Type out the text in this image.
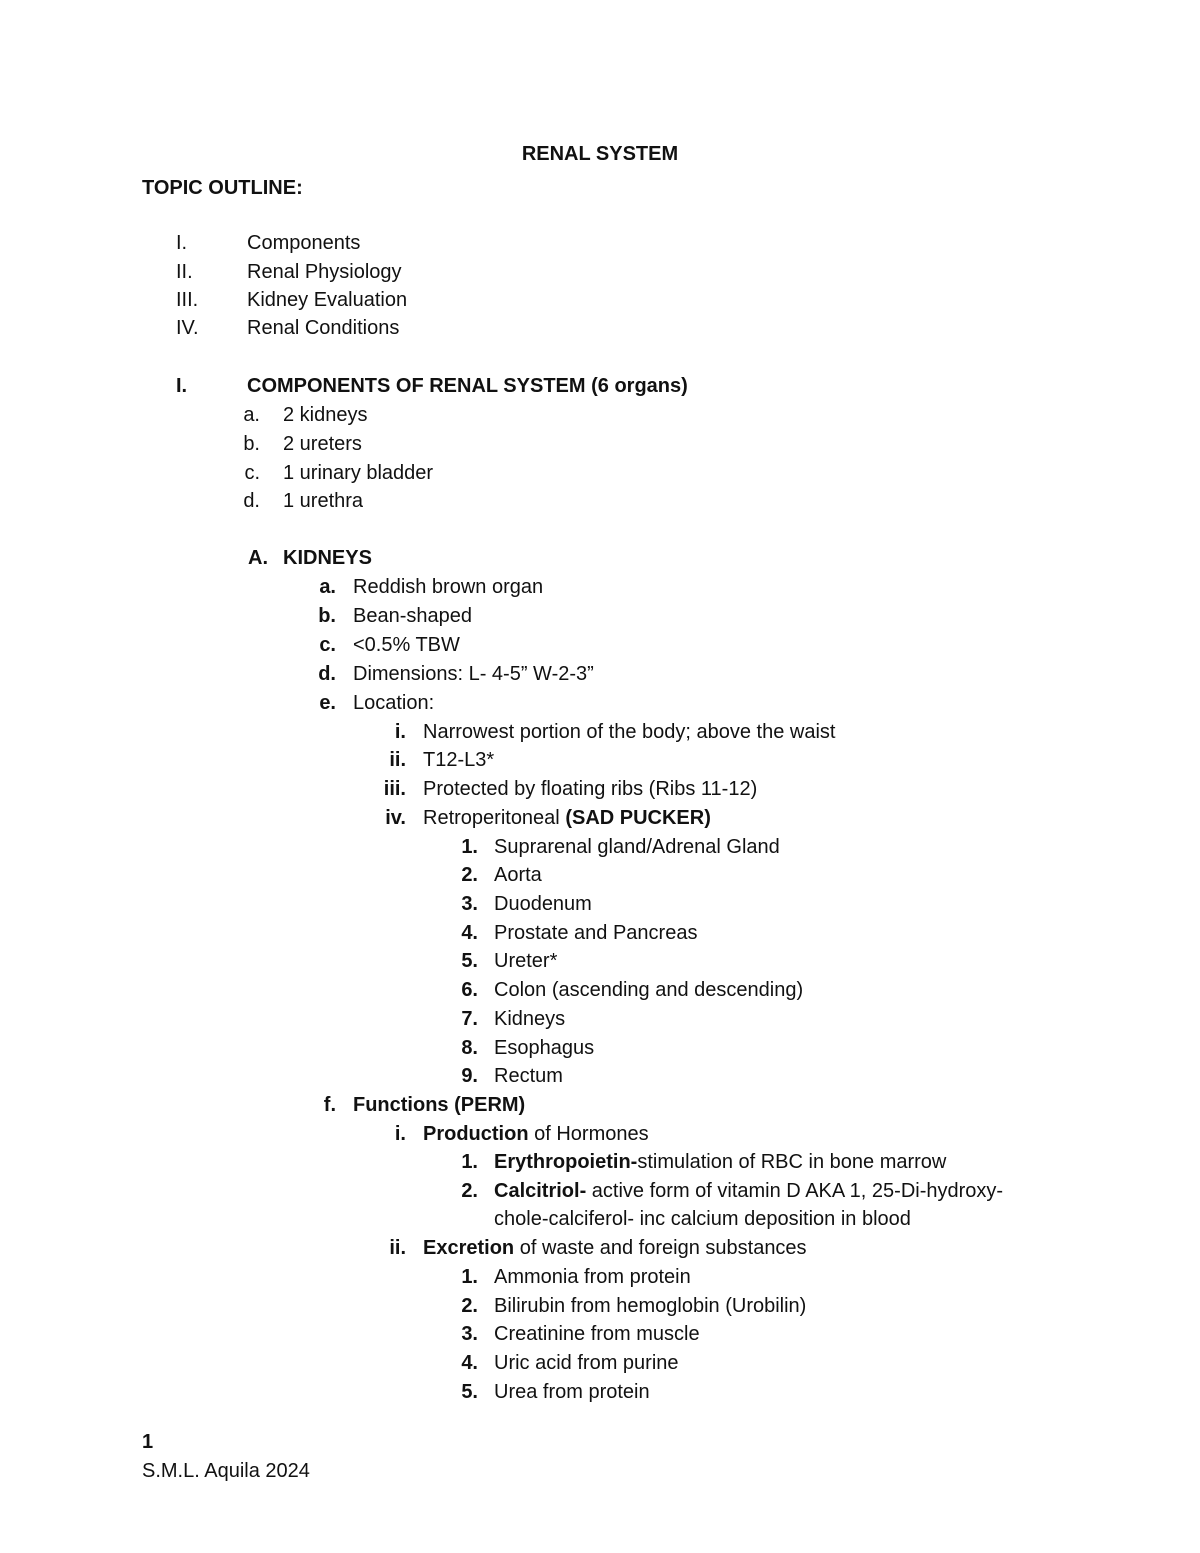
RENAL SYSTEM
TOPIC OUTLINE:
I.	Components
II.	Renal Physiology
III. Kidney Evaluation
IV. Renal Conditions
I.	COMPONENTS OF RENAL SYSTEM (6 organs)
a. 2 kidneys
b. 2 ureters
c. 1 urinary bladder
d. 1 urethra
A. KIDNEYS
a. Reddish brown organ
b. Bean-shaped
c. <0.5% TBW
d. Dimensions: L- 4-5” W-2-3”
e. Location:
i. Narrowest portion of the body; above the waist
ii. T12-L3*
iii. Protected by floating ribs (Ribs 11-12)
iv. Retroperitoneal (SAD PUCKER)
1. Suprarenal gland/Adrenal Gland
2. Aorta
3. Duodenum
4. Prostate and Pancreas
5. Ureter*
6. Colon (ascending and descending)
7. Kidneys
8. Esophagus
9. Rectum
f. Functions (PERM)
i. Production of Hormones
1. Erythropoietin-stimulation of RBC in bone marrow
2. Calcitriol- active form of vitamin D AKA 1, 25-Di-hydroxy-
chole-calciferol- inc calcium deposition in blood
ii. Excretion of waste and foreign substances
1. Ammonia from protein
2. Bilirubin from hemoglobin (Urobilin)
3. Creatinine from muscle
4. Uric acid from purine
5. Urea from protein
1
S.M.L. Aquila 2024
